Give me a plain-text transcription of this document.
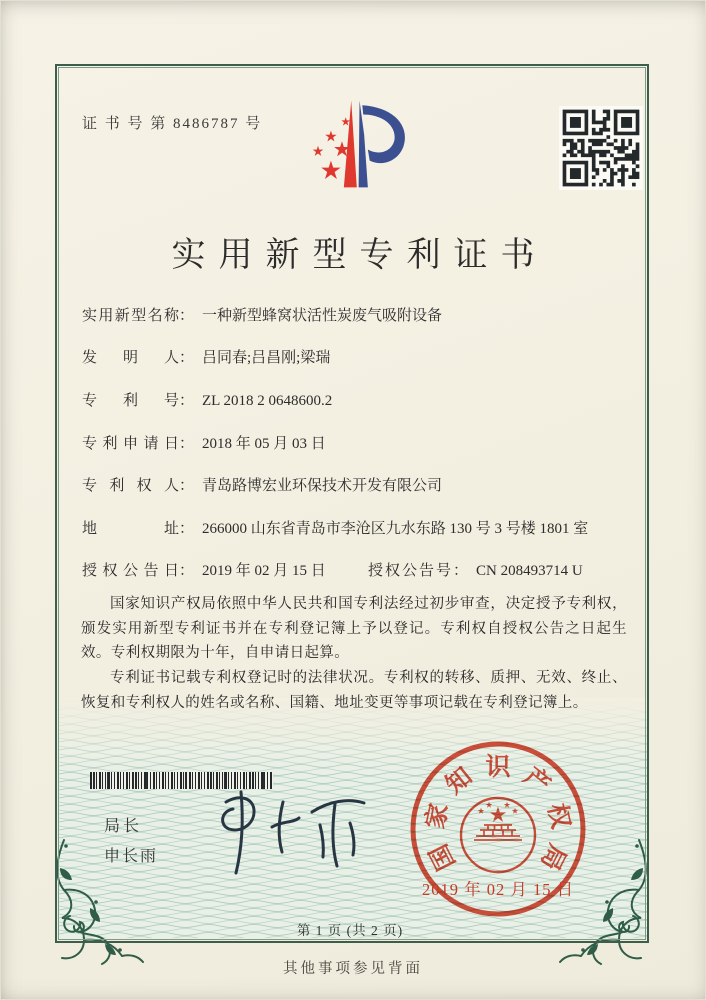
证 书 号 第 8486787 号
实用新型专利证书
实用新型名称： 一种新型蜂窝状活性炭废气吸附设备
发明人： 吕同春;吕昌刚;梁瑞
专利号： ZL 2018 2 0648600.2
专利申请日： 2018 年 05 月 03 日
专利权人： 青岛路博宏业环保技术开发有限公司
地址： 266000 山东省青岛市李沧区九水东路 130 号 3 号楼 1801 室
授权公告日： 2019 年 02 月 15 日	授权公告号： CN 208493714 U

国家知识产权局依照中华人民共和国专利法经过初步审查，决定授予专利权，颁发实用新型专利证书并在专利登记簿上予以登记。专利权自授权公告之日起生效。专利权期限为十年，自申请日起算。

专利证书记载专利权登记时的法律状况。专利权的转移、质押、无效、终止、恢复和专利权人的姓名或名称、国籍、地址变更等事项记载在专利登记簿上。

局长
申长雨	国
家
知 识 产
权
局
2019 年 02 月 15 日
第 1 页 (共 2 页)
其他事项参见背面
